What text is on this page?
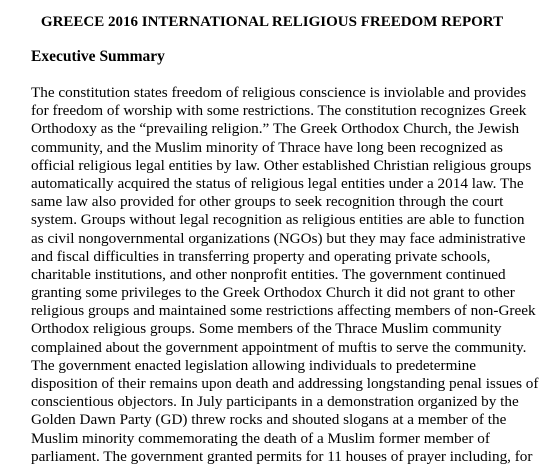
GREECE 2016 INTERNATIONAL RELIGIOUS FREEDOM REPORT
Executive Summary
The constitution states freedom of religious conscience is inviolable and provides
for freedom of worship with some restrictions. The constitution recognizes Greek
Orthodoxy as the “prevailing religion.” The Greek Orthodox Church, the Jewish
community, and the Muslim minority of Thrace have long been recognized as
official religious legal entities by law. Other established Christian religious groups
automatically acquired the status of religious legal entities under a 2014 law. The
same law also provided for other groups to seek recognition through the court
system. Groups without legal recognition as religious entities are able to function
as civil nongovernmental organizations (NGOs) but they may face administrative
and fiscal difficulties in transferring property and operating private schools,
charitable institutions, and other nonprofit entities. The government continued
granting some privileges to the Greek Orthodox Church it did not grant to other
religious groups and maintained some restrictions affecting members of non-Greek
Orthodox religious groups. Some members of the Thrace Muslim community
complained about the government appointment of muftis to serve the community.
The government enacted legislation allowing individuals to predetermine
disposition of their remains upon death and addressing longstanding penal issues of
conscientious objectors. In July participants in a demonstration organized by the
Golden Dawn Party (GD) threw rocks and shouted slogans at a member of the
Muslim minority commemorating the death of a Muslim former member of
parliament. The government granted permits for 11 houses of prayer including, for
